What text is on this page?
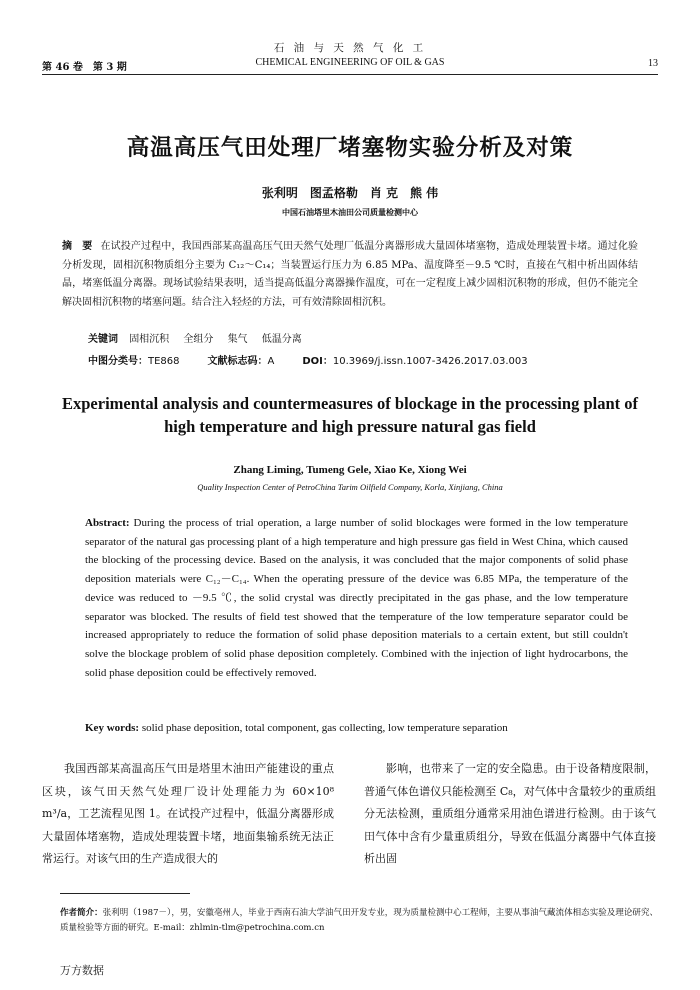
石 油 与 天 然 气 化 工
第 46 卷　第 3 期	CHEMICAL ENGINEERING OF OIL & GAS	13
高温高压气田处理厂堵塞物实验分析及对策
张利明　图孟格勒　肖 克　熊 伟
中国石油塔里木油田公司质量检测中心
摘　要 在试投产过程中，我国西部某高温高压气田天然气处理厂低温分离器形成大量固体堵塞物，造成处理装置卡堵。通过化验分析发现，固相沉积物质组分主要为 C₁₂～C₁₄；当装置运行压力为 6.85 MPa、温度降至－9.5 ℃时，直接在气相中析出固体结晶，堵塞低温分离器。现场试验结果表明，适当提高低温分离器操作温度，可在一定程度上减少固相沉积物的形成，但仍不能完全解决固相沉积物的堵塞问题。结合注入轻烃的方法，可有效清除固相沉积。
关键词 固相沉积 全组分 集气 低温分离
中图分类号：TE868	文献标志码：A	DOI：10.3969/j.issn.1007-3426.2017.03.003
Experimental analysis and countermeasures of blockage in the processing plant of high temperature and high pressure natural gas field
Zhang Liming, Tumeng Gele, Xiao Ke, Xiong Wei
Quality Inspection Center of PetroChina Tarim Oilfield Company, Korla, Xinjiang, China
Abstract: During the process of trial operation, a large number of solid blockages were formed in the low temperature separator of the natural gas processing plant of a high temperature and high pressure gas field in West China, which caused the blocking of the processing device. Based on the analysis, it was concluded that the major components of solid phase deposition materials were C₁₂－C₁₄. When the operating pressure of the device was 6.85 MPa, the temperature of the device was reduced to －9.5 ℃, the solid crystal was directly precipitated in the gas phase, and the low temperature separator was blocked. The results of field test showed that the temperature of the low temperature separator could be increased appropriately to reduce the formation of solid phase deposition materials to a certain extent, but still couldn't solve the blockage problem of solid phase deposition completely. Combined with the injection of light hydrocarbons, the solid phase deposition could be effectively removed.
Key words: solid phase deposition, total component, gas collecting, low temperature separation
我国西部某高温高压气田是塔里木油田产能建设的重点区块，该气田天然气处理厂设计处理能力为 60×10⁸ m³/a，工艺流程见图 1。在试投产过程中，低温分离器形成大量固体堵塞物，造成处理装置卡堵，地面集输系统无法正常运行。对该气田的生产造成很大的
影响，也带来了一定的安全隐患。由于设备精度限制，普通气体色谱仪只能检测至 C₈，对气体中含量较少的重质组分无法检测，重质组分通常采用油色谱进行检测。由于该气田气体中含有少量重质组分，导致在低温分离器中气体直接析出固
作者简介：张利明（1987－），男，安徽亳州人，毕业于西南石油大学油气田开发专业，现为质量检测中心工程师，主要从事油气藏流体相态实验及理论研究、质量检验等方面的研究。E-mail：zhlmin-tlm@petrochina.com.cn
万方数据
